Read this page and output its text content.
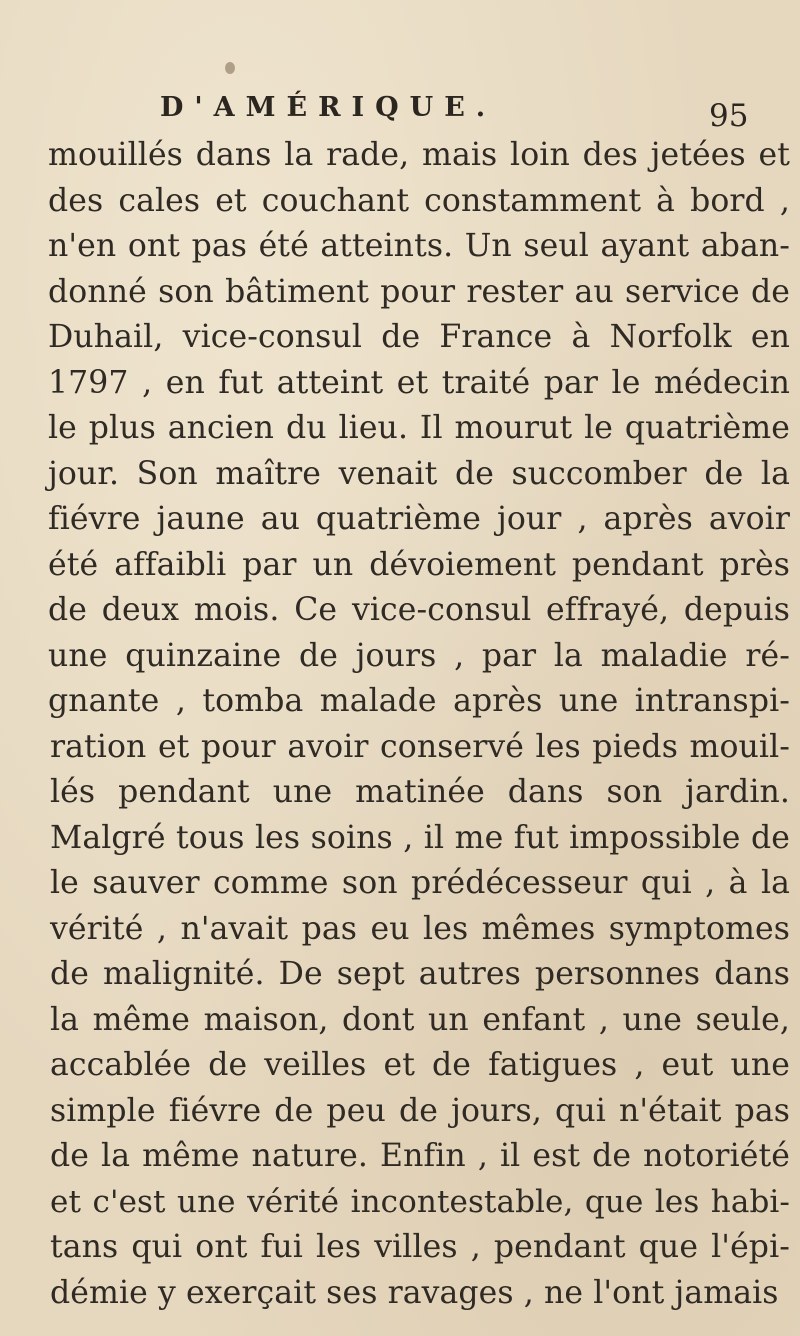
D'AMÉRIQUE.	95
mouillés dans la rade, mais loin des jetées et
des cales et couchant constamment à bord ,
n'en ont pas été atteints. Un seul ayant aban-
donné son bâtiment pour rester au service de
Duhail, vice-consul de France à Norfolk en
1797 , en fut atteint et traité par le médecin
le plus ancien du lieu. Il mourut le quatrième
jour. Son maître venait de succomber de la
fiévre jaune au quatrième jour , après avoir
été affaibli par un dévoiement pendant près
de deux mois. Ce vice-consul effrayé, depuis
une quinzaine de jours , par la maladie ré-
gnante , tomba malade après une intranspi-
ration et pour avoir conservé les pieds mouil-
lés pendant une matinée dans son jardin.
Malgré tous les soins , il me fut impossible de
le sauver comme son prédécesseur qui , à la
vérité , n'avait pas eu les mêmes symptomes
de malignité. De sept autres personnes dans
la même maison, dont un enfant , une seule,
accablée de veilles et de fatigues , eut une
simple fiévre de peu de jours, qui n'était pas
de la même nature. Enfin , il est de notoriété
et c'est une vérité incontestable, que les habi-
tans qui ont fui les villes , pendant que l'épi-
démie y exerçait ses ravages , ne l'ont jamais
